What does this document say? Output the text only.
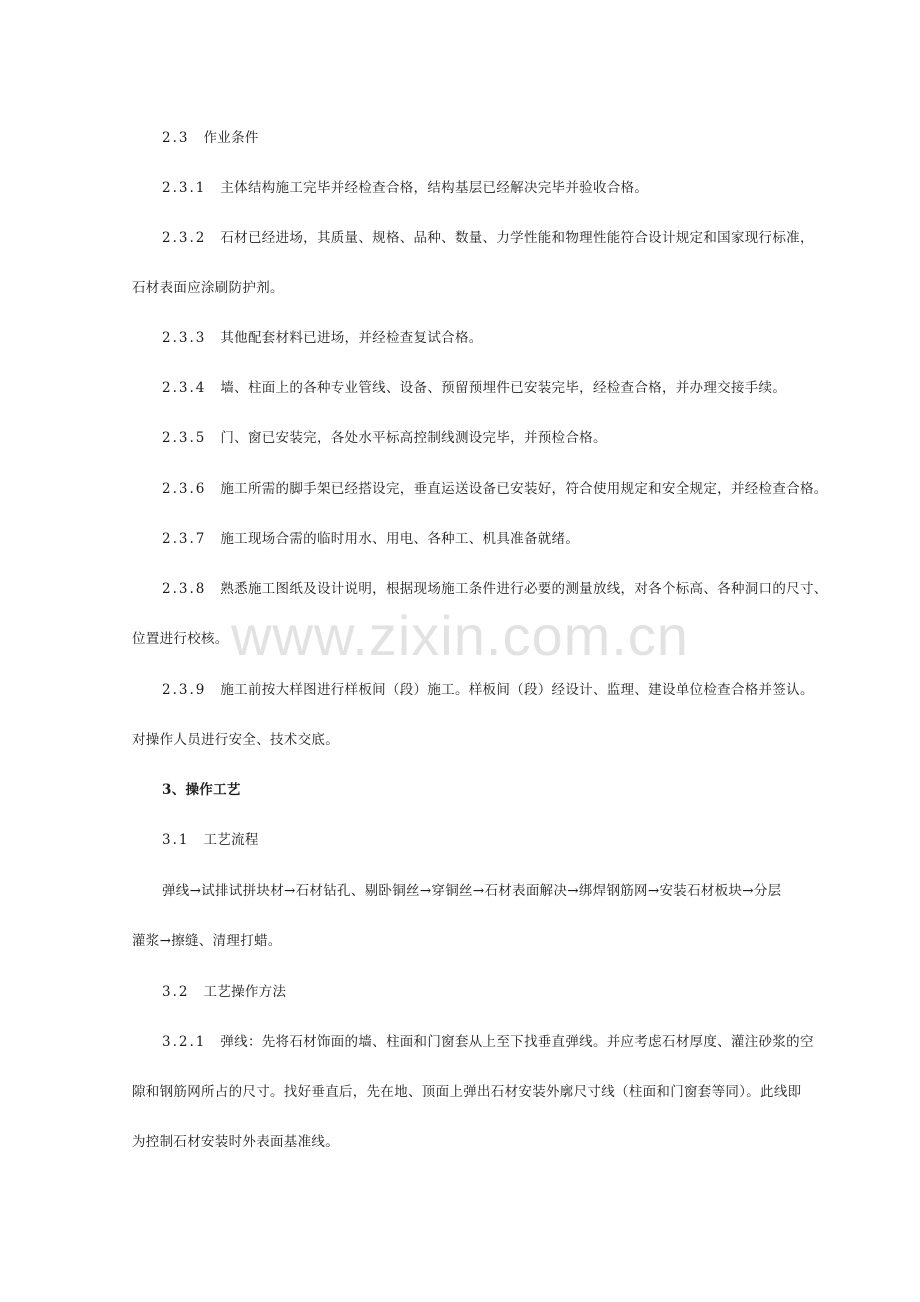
2.3 作业条件
2.3.1 主体结构施工完毕并经检查合格，结构基层已经解决完毕并验收合格。
2.3.2 石材已经进场，其质量、规格、品种、数量、力学性能和物理性能符合设计规定和国家现行标准，
石材表面应涂刷防护剂。
2.3.3 其他配套材料已进场，并经检查复试合格。
2.3.4 墙、柱面上的各种专业管线、设备、预留预埋件已安装完毕，经检查合格，并办理交接手续。
2.3.5 门、窗已安装完，各处水平标高控制线测设完毕，并预检合格。
2.3.6 施工所需的脚手架已经搭设完，垂直运送设备已安装好，符合使用规定和安全规定，并经检查合格。
2.3.7 施工现场合需的临时用水、用电、各种工、机具准备就绪。
2.3.8 熟悉施工图纸及设计说明，根据现场施工条件进行必要的测量放线，对各个标高、各种洞口的尺寸、
位置进行校核。
2.3.9 施工前按大样图进行样板间（段）施工。样板间（段）经设计、监理、建设单位检查合格并签认。
对操作人员进行安全、技术交底。
3、操作工艺
3.1 工艺流程
弹线→试排试拼块材→石材钻孔、剔卧铜丝→穿铜丝→石材表面解决→绑焊钢筋网→安装石材板块→分层
灌浆→擦缝、清理打蜡。
3.2 工艺操作方法
3.2.1 弹线：先将石材饰面的墙、柱面和门窗套从上至下找垂直弹线。并应考虑石材厚度、灌注砂浆的空
隙和钢筋网所占的尺寸。找好垂直后，先在地、顶面上弹出石材安装外廓尺寸线（柱面和门窗套等同）。此线即
为控制石材安装时外表面基准线。
www.zixin.com.cn
